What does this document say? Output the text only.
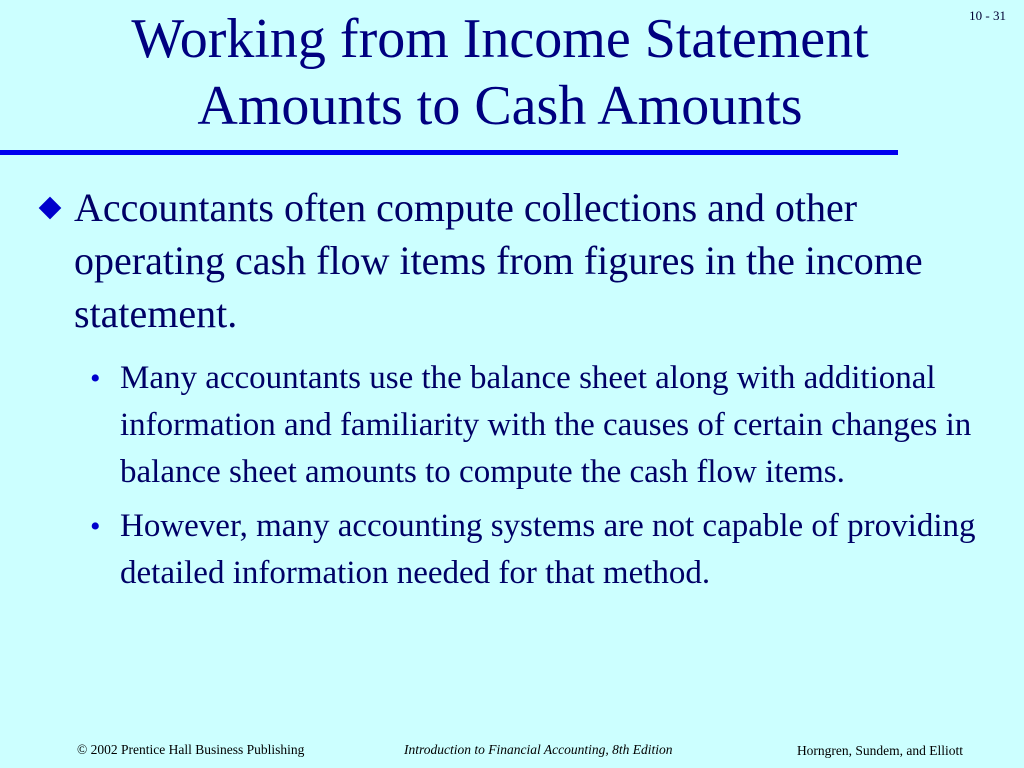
10 - 31
Working from Income Statement
Amounts to Cash Amounts
Accountants often compute collections and other operating cash flow items from figures in the income statement.
• Many accountants use the balance sheet along with additional information and familiarity with the causes of certain changes in balance sheet amounts to compute the cash flow items.
• However, many accounting systems are not capable of providing detailed information needed for that method.
© 2002 Prentice Hall Business Publishing	Introduction to Financial Accounting, 8th Edition	Horngren, Sundem, and Elliott
